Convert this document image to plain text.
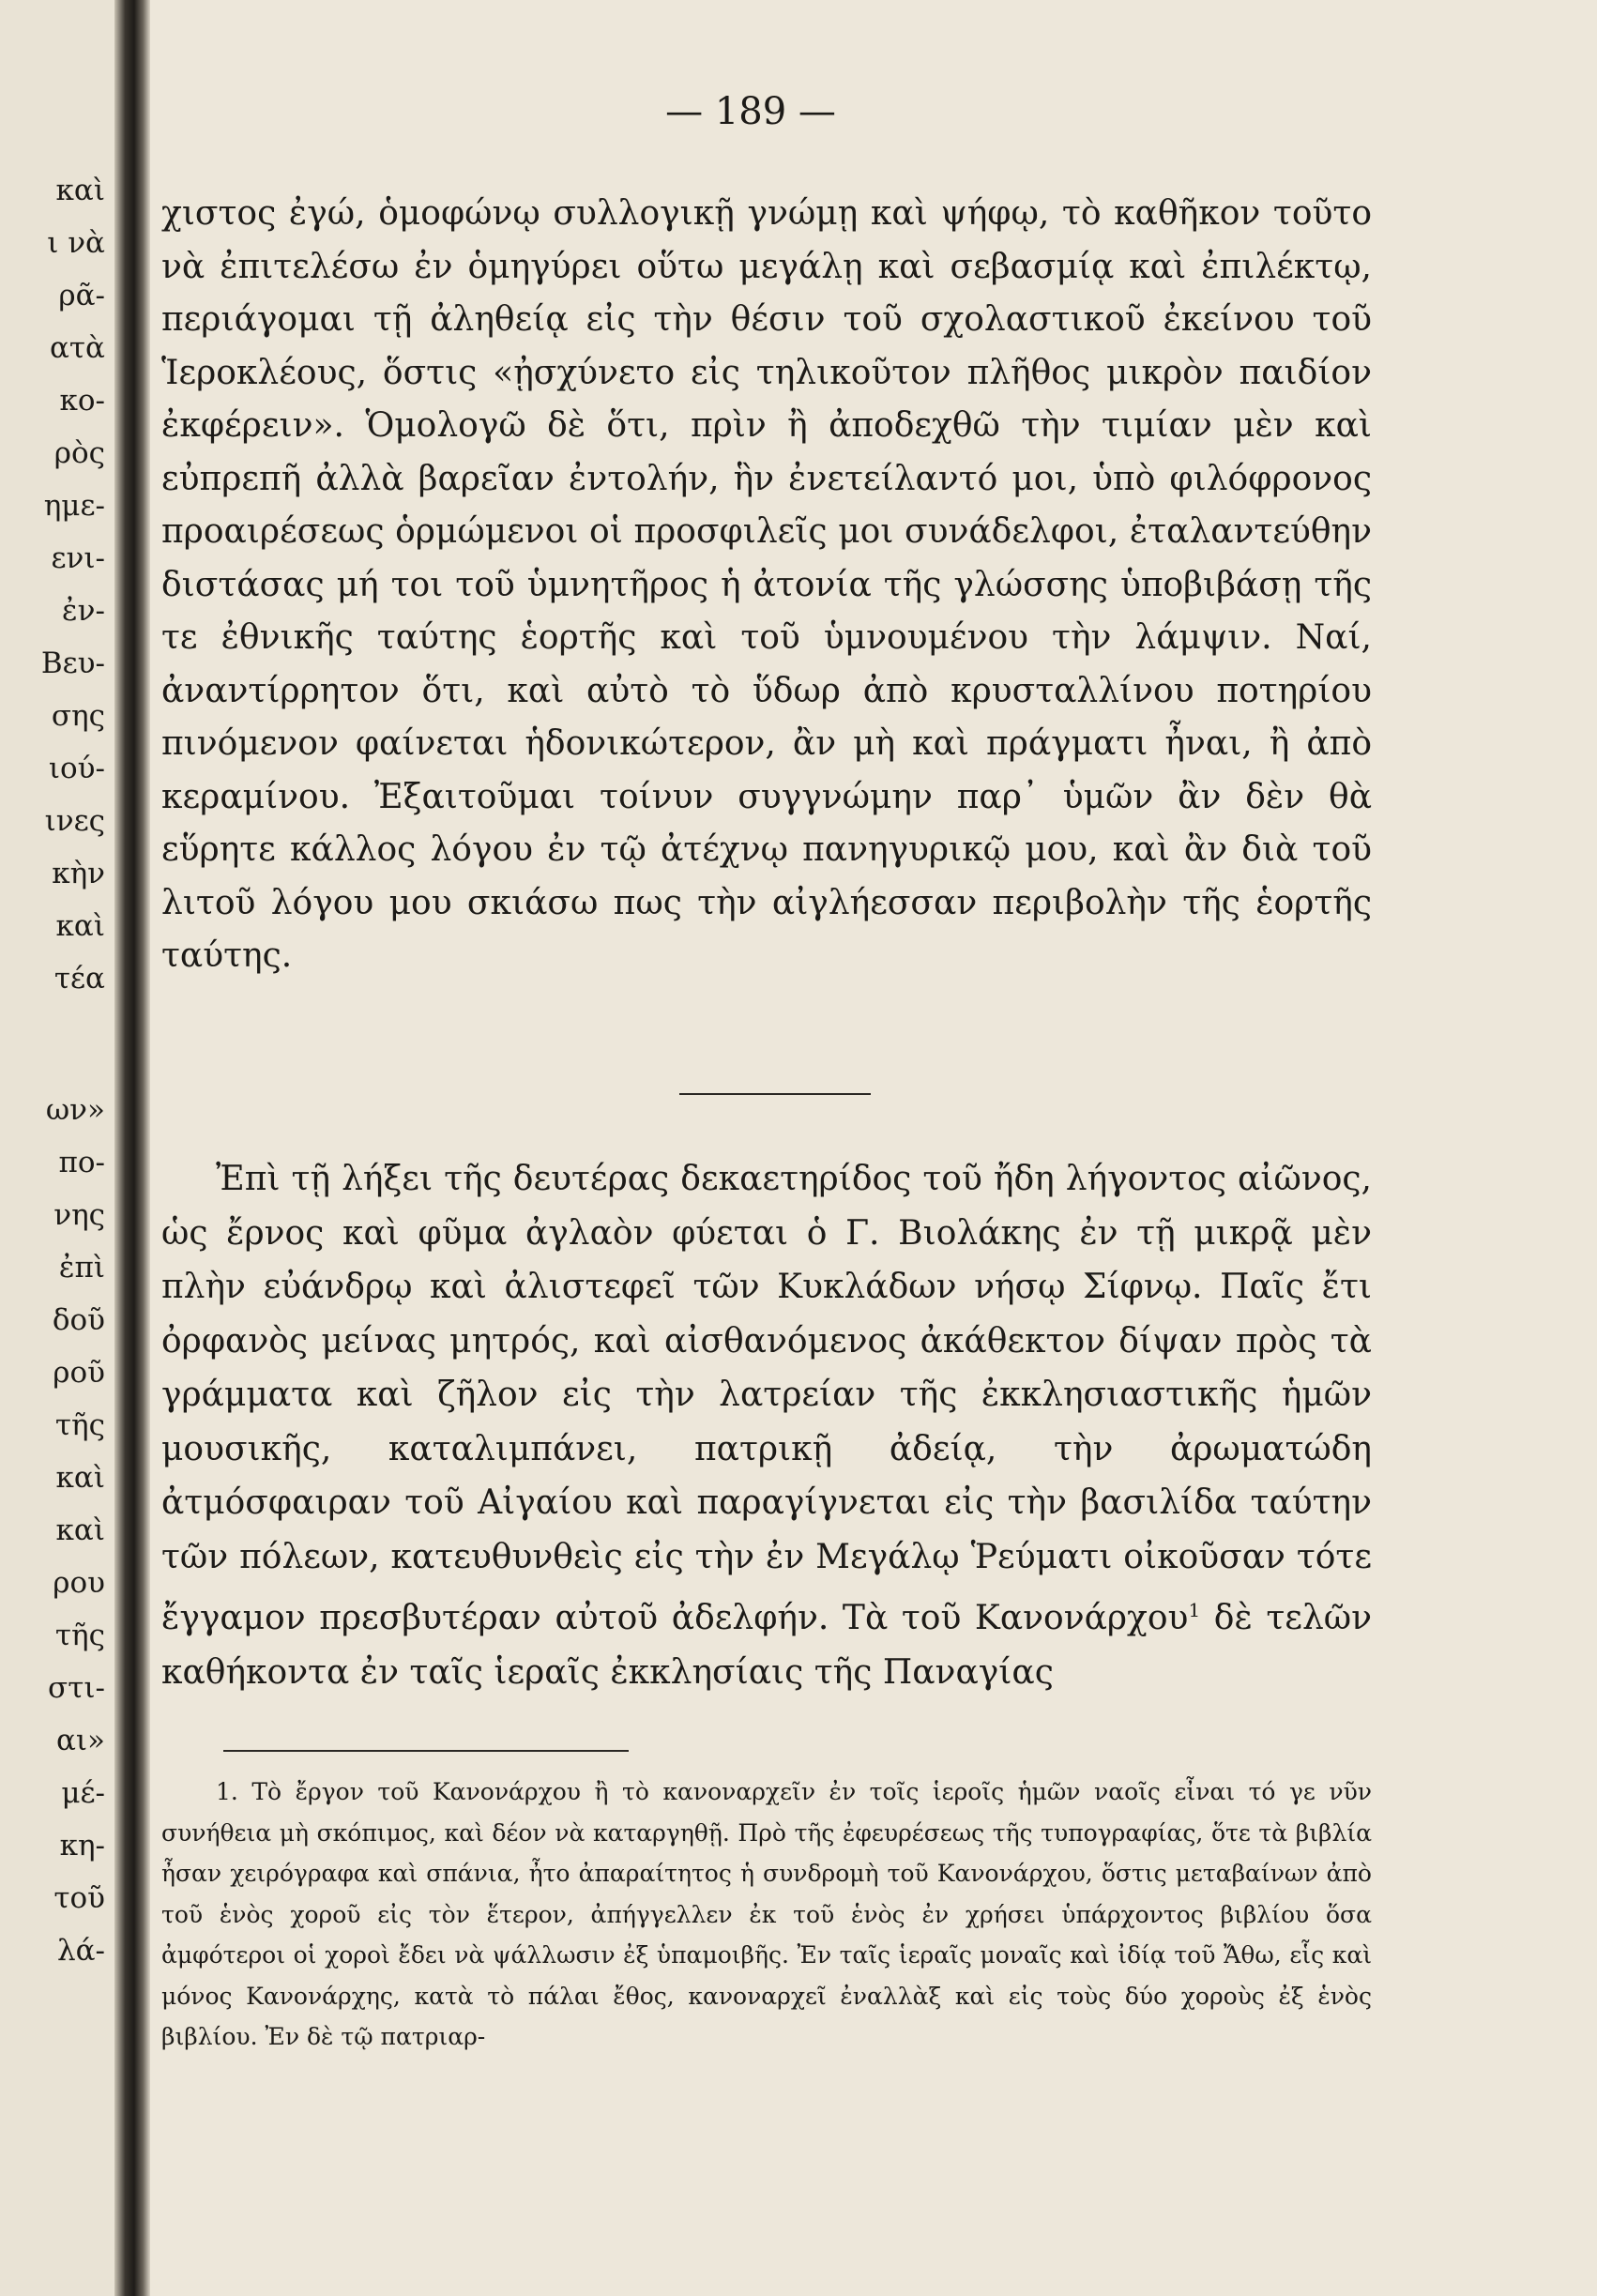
καὶ
ι νὰ
ρᾶ-
ατὰ
κο-
ρὸς
ημε-
ενι-
ἐν-
Βευ-
σης
ιού-
ινες
κὴν
καὶ
τέα
ων»
πο-
νης
ἐπὶ
δοῦ
ροῦ
τῆς
καὶ
καὶ
ρου
τῆς
στι-
αι»
μέ-
κη-
τοῦ
λά-
— 189 —

χιστος ἐγώ, ὁμοφώνῳ συλλογικῇ γνώμῃ καὶ ψήφῳ, τὸ καθῆκον τοῦτο νὰ ἐπιτελέσω ἐν ὁμηγύρει οὕτω μεγάλῃ καὶ σεβασμίᾳ καὶ ἐπιλέκτῳ, περιάγομαι τῇ ἀληθείᾳ εἰς τὴν θέσιν τοῦ σχολαστικοῦ ἐκείνου τοῦ Ἱεροκλέους, ὅστις «ᾐσχύνετο εἰς τηλικοῦτον πλῆθος μικρὸν παιδίον ἐκφέρειν». Ὁμολογῶ δὲ ὅτι, πρὶν ἢ ἀποδεχθῶ τὴν τιμίαν μὲν καὶ εὐπρεπῆ ἀλλὰ βαρεῖαν ἐντολήν, ἣν ἐνετείλαντό μοι, ὑπὸ φιλόφρονος προαιρέσεως ὁρμώμενοι οἱ προσφιλεῖς μοι συνάδελφοι, ἐταλαντεύθην διστάσας μή τοι τοῦ ὑμνητῆρος ἡ ἀτονία τῆς γλώσσης ὑποβιβάσῃ τῆς τε ἐθνικῆς ταύτης ἑορτῆς καὶ τοῦ ὑμνουμένου τὴν λάμψιν. Ναί, ἀναντίρρητον ὅτι, καὶ αὐτὸ τὸ ὕδωρ ἀπὸ κρυσταλλίνου ποτηρίου πινόμενον φαίνεται ἡδονικώτερον, ἂν μὴ καὶ πράγματι ἦναι, ἢ ἀπὸ κεραμίνου. Ἐξαιτοῦμαι τοίνυν συγγνώμην παρ᾽ ὑμῶν ἂν δὲν θὰ εὕρητε κάλλος λόγου ἐν τῷ ἀτέχνῳ πανηγυρικῷ μου, καὶ ἂν διὰ τοῦ λιτοῦ λόγου μου σκιάσω πως τὴν αἰγλήεσσαν περιβολὴν τῆς ἑορτῆς ταύτης.

Ἐπὶ τῇ λήξει τῆς δευτέρας δεκαετηρίδος τοῦ ἤδη λήγοντος αἰῶνος, ὡς ἔρνος καὶ φῦμα ἀγλαὸν φύεται ὁ Γ. Βιολάκης ἐν τῇ μικρᾷ μὲν πλὴν εὐάνδρῳ καὶ ἀλιστεφεῖ τῶν Κυκλάδων νήσῳ Σίφνῳ. Παῖς ἔτι ὀρφανὸς μείνας μητρός, καὶ αἰσθανόμενος ἀκάθεκτον δίψαν πρὸς τὰ γράμματα καὶ ζῆλον εἰς τὴν λατρείαν τῆς ἐκκλησιαστικῆς ἡμῶν μουσικῆς, καταλιμπάνει, πατρικῇ ἀδείᾳ, τὴν ἀρωματώδη ἀτμόσφαιραν τοῦ Αἰγαίου καὶ παραγίγνεται εἰς τὴν βασιλίδα ταύτην τῶν πόλεων, κατευθυνθεὶς εἰς τὴν ἐν Μεγάλῳ Ῥεύματι οἰκοῦσαν τότε ἔγγαμον πρεσβυτέραν αὐτοῦ ἀδελφήν. Τὰ τοῦ Κανονάρχου$^1$ δὲ τελῶν καθήκοντα ἐν ταῖς ἱεραῖς ἐκκλησίαις τῆς Παναγίας

1. Τὸ ἔργον τοῦ Κανονάρχου ἢ τὸ κανοναρχεῖν ἐν τοῖς ἱεροῖς ἡμῶν ναοῖς εἶναι τό γε νῦν συνήθεια μὴ σκόπιμος, καὶ δέον νὰ καταργηθῇ. Πρὸ τῆς ἐφευρέσεως τῆς τυπογραφίας, ὅτε τὰ βιβλία ἦσαν χειρόγραφα καὶ σπάνια, ἦτο ἀπαραίτητος ἡ συνδρομὴ τοῦ Κανονάρχου, ὅστις μεταβαίνων ἀπὸ τοῦ ἑνὸς χοροῦ εἰς τὸν ἕτερον, ἀπήγγελλεν ἐκ τοῦ ἑνὸς ἐν χρήσει ὑπάρχοντος βιβλίου ὅσα ἀμφότεροι οἱ χοροὶ ἔδει νὰ ψάλλωσιν ἐξ ὑπαμοιβῆς. Ἐν ταῖς ἱεραῖς μοναῖς καὶ ἰδίᾳ τοῦ Ἄθω, εἷς καὶ μόνος Κανονάρχης, κατὰ τὸ πάλαι ἔθος, κανοναρχεῖ ἐναλλὰξ καὶ εἰς τοὺς δύο χοροὺς ἐξ ἑνὸς βιβλίου. Ἐν δὲ τῷ πατριαρ-
